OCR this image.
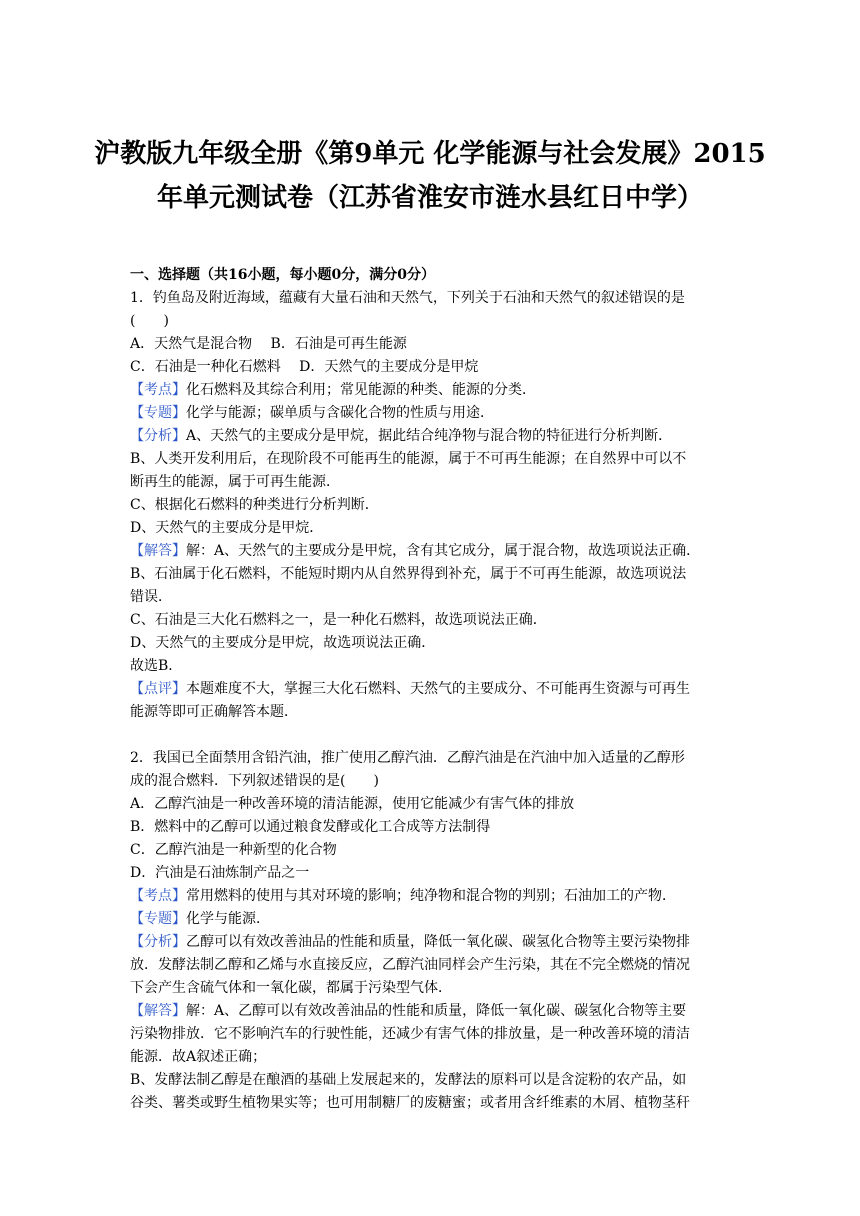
沪教版九年级全册《第9单元 化学能源与社会发展》2015
年单元测试卷（江苏省淮安市涟水县红日中学）
一、选择题（共16小题，每小题0分，满分0分）
1．钓鱼岛及附近海域，蕴藏有大量石油和天然气，下列关于石油和天然气的叙述错误的是
(　　)
A．天然气是混合物　 B．石油是可再生能源
C．石油是一种化石燃料　 D．天然气的主要成分是甲烷
【考点】化石燃料及其综合利用；常见能源的种类、能源的分类．
【专题】化学与能源；碳单质与含碳化合物的性质与用途．
【分析】A、天然气的主要成分是甲烷，据此结合纯净物与混合物的特征进行分析判断．
B、人类开发利用后，在现阶段不可能再生的能源，属于不可再生能源；在自然界中可以不
断再生的能源，属于可再生能源．
C、根据化石燃料的种类进行分析判断．
D、天然气的主要成分是甲烷．
【解答】解：A、天然气的主要成分是甲烷，含有其它成分，属于混合物，故选项说法正确．
B、石油属于化石燃料，不能短时期内从自然界得到补充，属于不可再生能源，故选项说法
错误．
C、石油是三大化石燃料之一，是一种化石燃料，故选项说法正确．
D、天然气的主要成分是甲烷，故选项说法正确．
故选B．
【点评】本题难度不大，掌握三大化石燃料、天然气的主要成分、不可能再生资源与可再生
能源等即可正确解答本题．
2．我国已全面禁用含铅汽油，推广使用乙醇汽油．乙醇汽油是在汽油中加入适量的乙醇形
成的混合燃料．下列叙述错误的是(　　)
A．乙醇汽油是一种改善环境的清洁能源，使用它能减少有害气体的排放
B．燃料中的乙醇可以通过粮食发酵或化工合成等方法制得
C．乙醇汽油是一种新型的化合物
D．汽油是石油炼制产品之一
【考点】常用燃料的使用与其对环境的影响；纯净物和混合物的判别；石油加工的产物．
【专题】化学与能源．
【分析】乙醇可以有效改善油品的性能和质量，降低一氧化碳、碳氢化合物等主要污染物排
放．发酵法制乙醇和乙烯与水直接反应，乙醇汽油同样会产生污染，其在不完全燃烧的情况
下会产生含硫气体和一氧化碳，都属于污染型气体．
【解答】解：A、乙醇可以有效改善油品的性能和质量，降低一氧化碳、碳氢化合物等主要
污染物排放．它不影响汽车的行驶性能，还减少有害气体的排放量，是一种改善环境的清洁
能源．故A叙述正确；
B、发酵法制乙醇是在酿酒的基础上发展起来的，发酵法的原料可以是含淀粉的农产品，如
谷类、薯类或野生植物果实等；也可用制糖厂的废糖蜜；或者用含纤维素的木屑、植物茎秆
